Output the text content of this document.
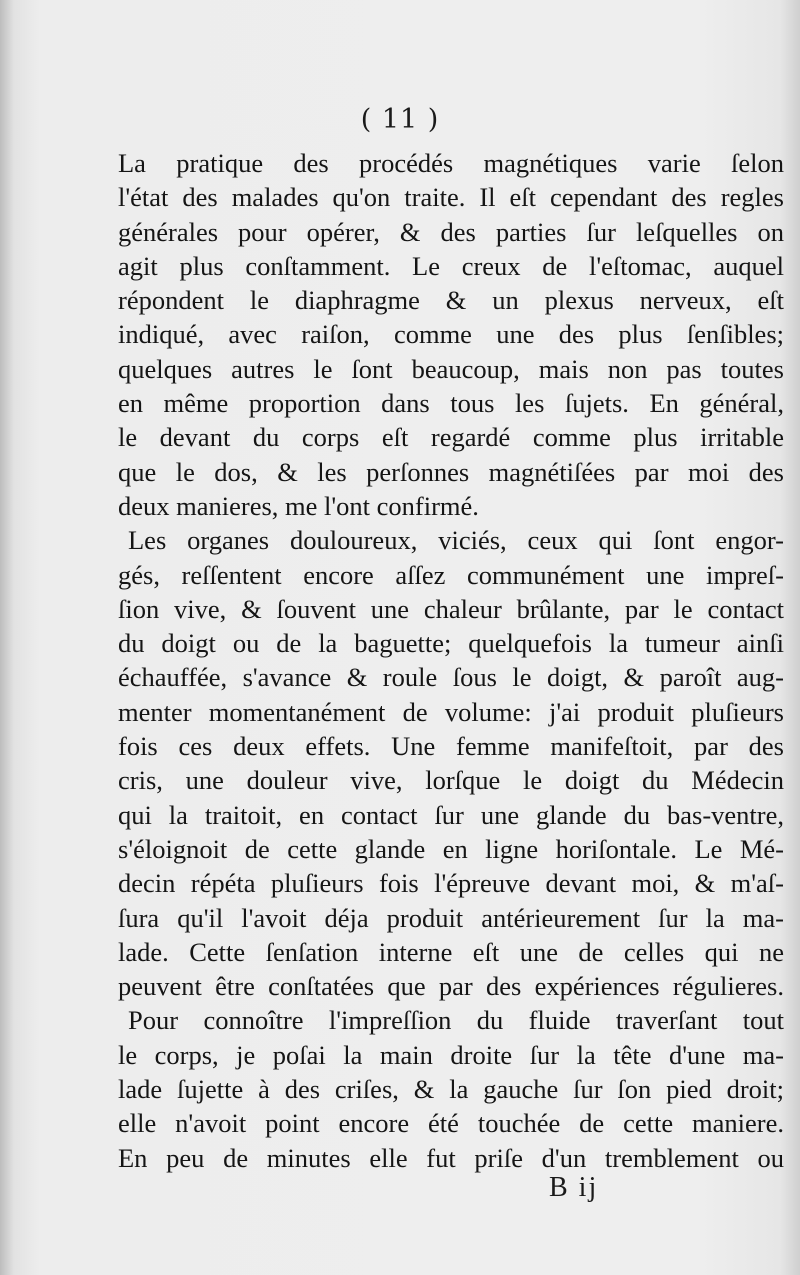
( 11 )
La pratique des procédés magnétiques varie ſelon
l'état des malades qu'on traite. Il eſt cependant des regles
générales pour opérer, & des parties ſur leſquelles on
agit plus conſtamment. Le creux de l'eſtomac, auquel
répondent le diaphragme & un plexus nerveux, eſt
indiqué, avec raiſon, comme une des plus ſenſibles;
quelques autres le ſont beaucoup, mais non pas toutes
en même proportion dans tous les ſujets. En général,
le devant du corps eſt regardé comme plus irritable
que le dos, & les perſonnes magnétiſées par moi des
deux manieres, me l'ont confirmé.
Les organes douloureux, viciés, ceux qui ſont engor-
gés, reſſentent encore aſſez communément une impreſ-
ſion vive, & ſouvent une chaleur brûlante, par le contact
du doigt ou de la baguette; quelquefois la tumeur ainſi
échauffée, s'avance & roule ſous le doigt, & paroît aug-
menter momentanément de volume: j'ai produit pluſieurs
fois ces deux effets. Une femme manifeſtoit, par des
cris, une douleur vive, lorſque le doigt du Médecin
qui la traitoit, en contact ſur une glande du bas-ventre,
s'éloignoit de cette glande en ligne horiſontale. Le Mé-
decin répéta pluſieurs fois l'épreuve devant moi, & m'aſ-
ſura qu'il l'avoit déja produit antérieurement ſur la ma-
lade. Cette ſenſation interne eſt une de celles qui ne
peuvent être conſtatées que par des expériences régulieres.
Pour connoître l'impreſſion du fluide traverſant tout
le corps, je poſai la main droite ſur la tête d'une ma-
lade ſujette à des criſes, & la gauche ſur ſon pied droit;
elle n'avoit point encore été touchée de cette maniere.
En peu de minutes elle fut priſe d'un tremblement ou
B ij
